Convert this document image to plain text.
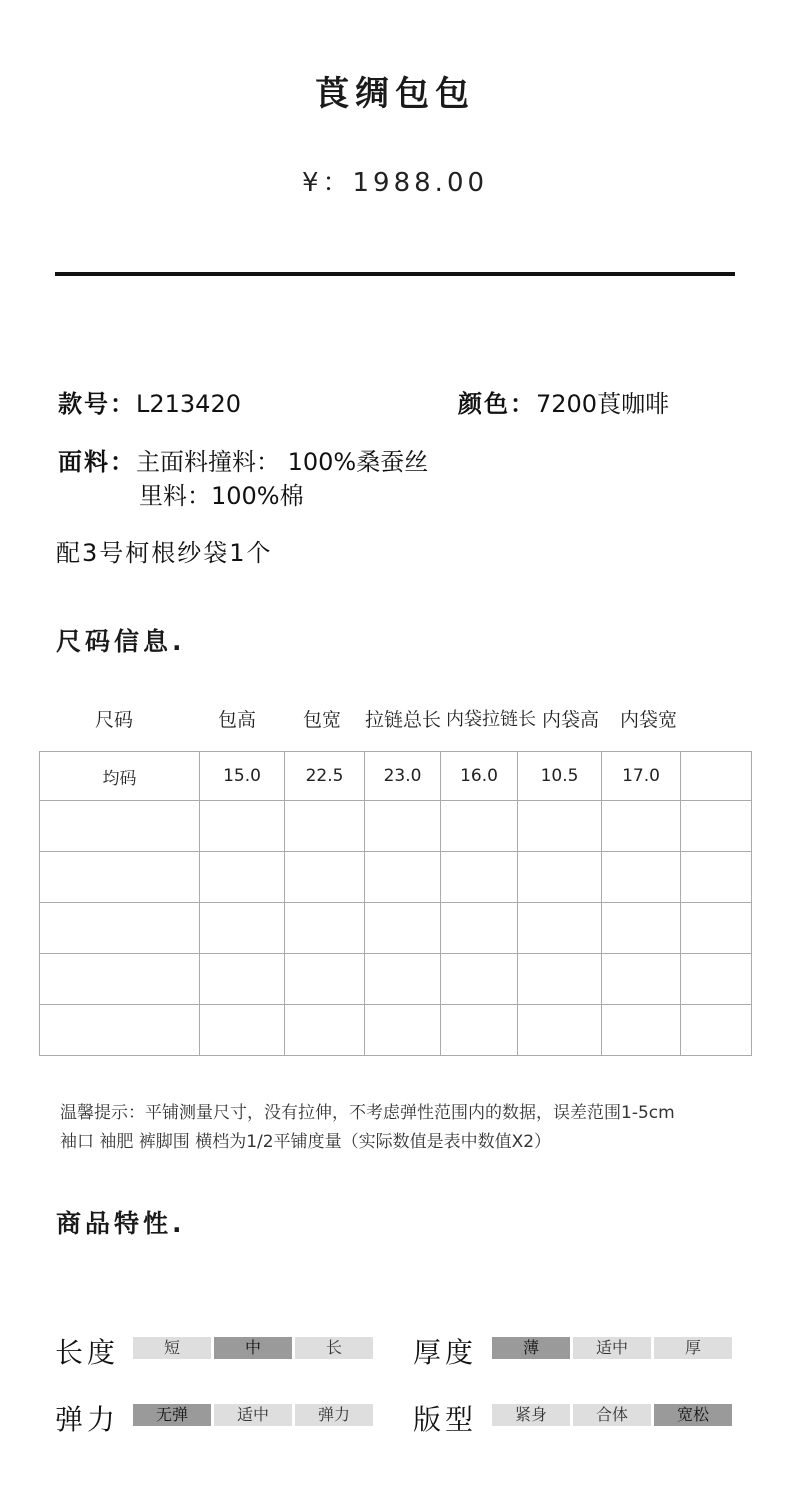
莨绸包包
¥：1988.00
款号：L213420	颜色：7200莨咖啡
面料：主面料撞料： 100%桑蚕丝
里料：100%棉
配3号柯根纱袋1个
尺码信息.
尺码	包高 包宽 拉链总长 内袋拉链长 内袋高 内袋宽
均码	15.0	22.5	23.0	16.0	10.5	17.0	

温馨提示：平铺测量尺寸，没有拉伸，不考虑弹性范围内的数据，误差范围1-5cm
袖口 袖肥 裤脚围 横档为1/2平铺度量（实际数值是表中数值X2）
商品特性.
长度	短	中	长	厚度	薄	适中	厚
弹力	无弹	适中	弹力	版型	紧身	合体	宽松
